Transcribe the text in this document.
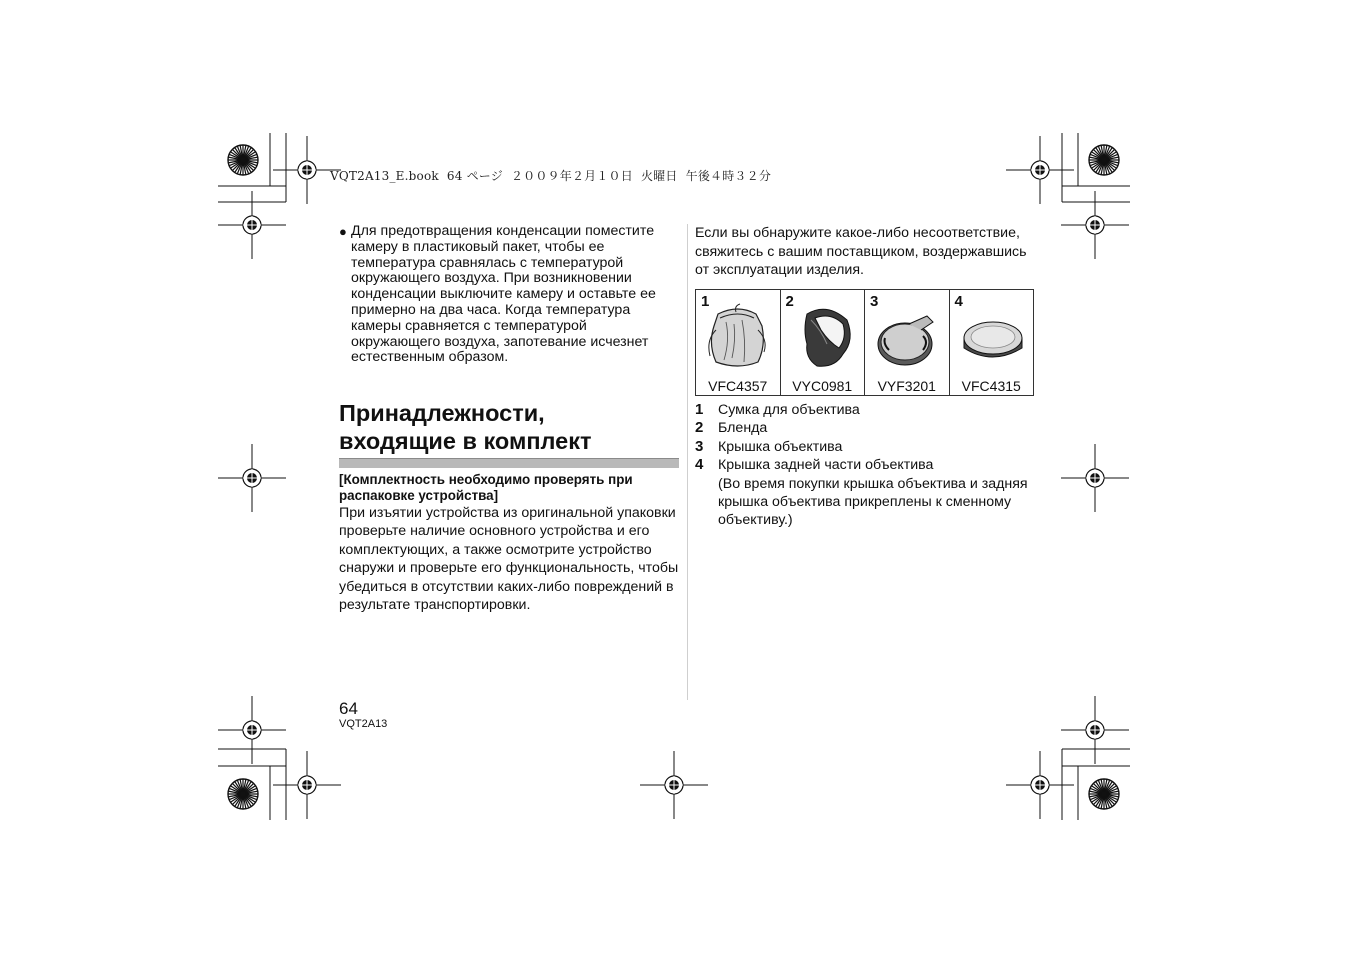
VQT2A13_E.book  64 ページ  ２００９年２月１０日  火曜日  午後４時３２分
● Для предотвращения конденсации поместите камеру в пластиковый пакет, чтобы ее температура сравнялась с температурой окружающего воздуха. При возникновении конденсации выключите камеру и оставьте ее примерно на два часа. Когда температура камеры сравняется с температурой окружающего воздуха, запотевание исчезнет естественным образом.
Принадлежности,
входящие в комплект
[Комплектность необходимо проверять при распаковке устройства]
При изъятии устройства из оригинальной упаковки проверьте наличие основного устройства и его комплектующих, а также осмотрите устройство снаружи и проверьте его функциональность, чтобы убедиться в отсутствии каких-либо повреждений в результате транспортировки.
Если вы обнаружите какое-либо несоответствие, свяжитесь с вашим поставщиком, воздержавшись от эксплуатации изделия.
1
VFC4357
2
VYC0981
3
VYF3201
4
VFC4315
1 Сумка для объектива
2 Бленда
3 Крышка объектива
4 Крышка задней части объектива
(Во время покупки крышка объектива и задняя крышка объектива прикреплены к сменному объективу.)
64
VQT2A13
